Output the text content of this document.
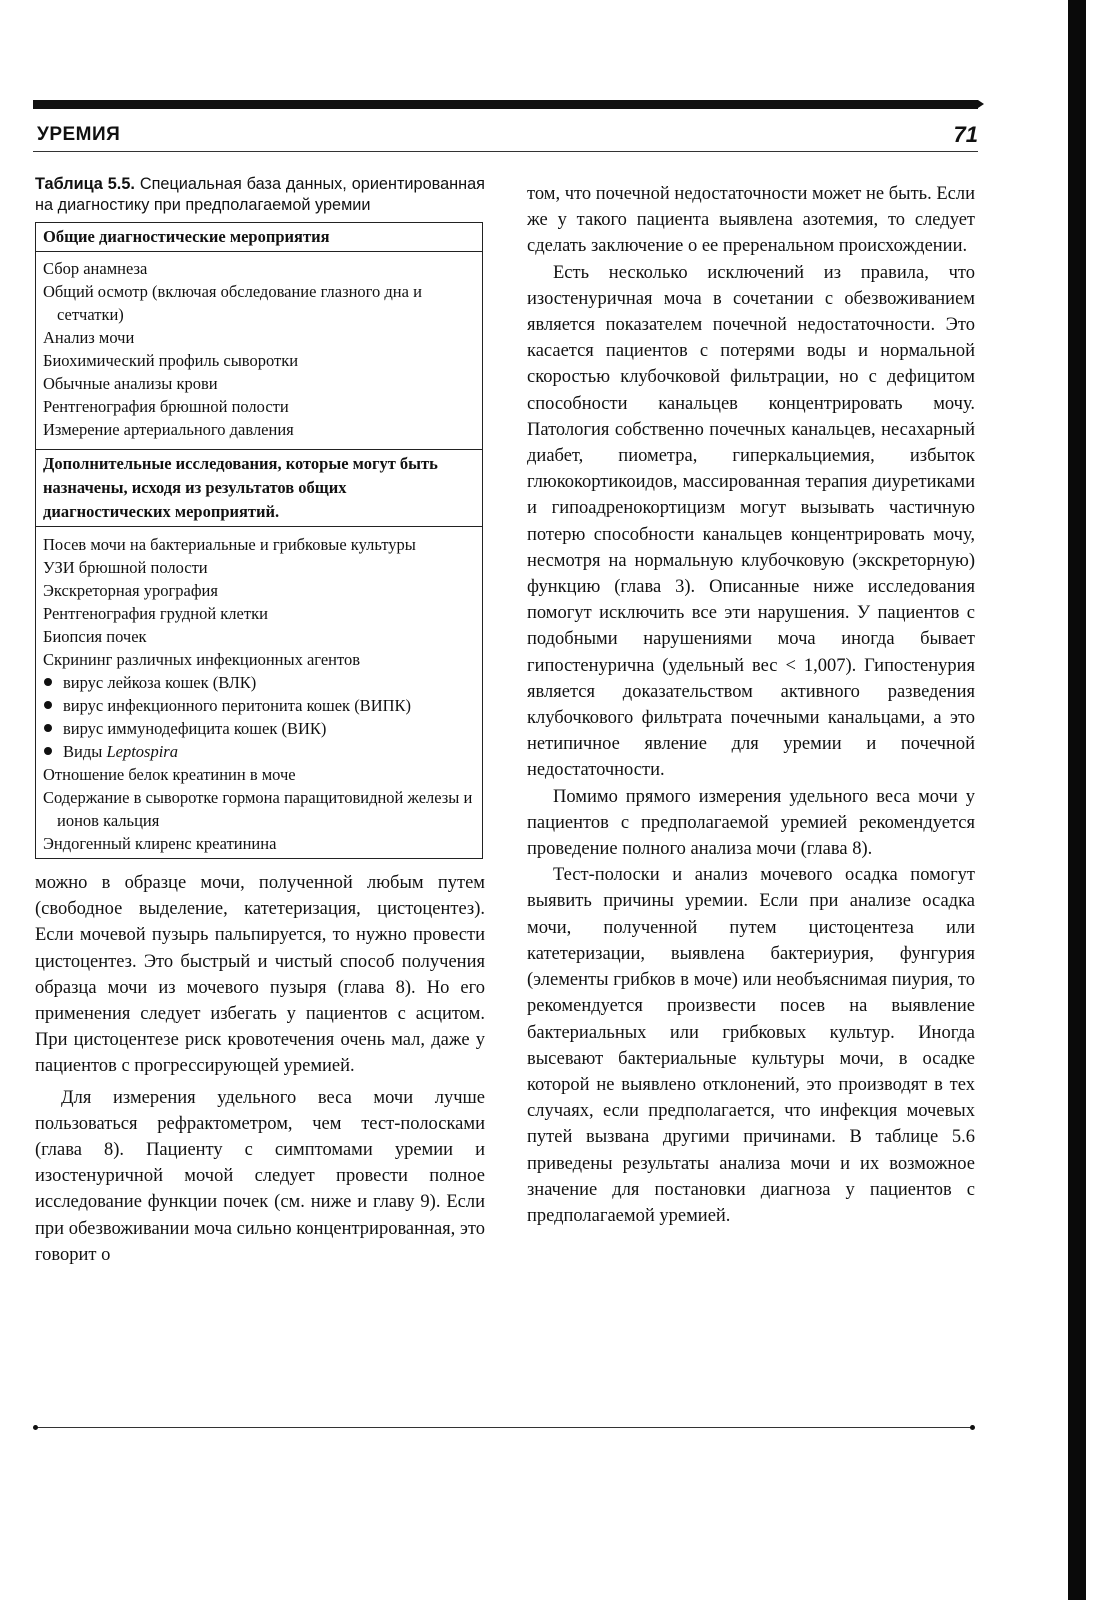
УРЕМИЯ	71

Таблица 5.5. Специальная база данных, ориентированная на диагностику при предполагаемой уремии

Общие диагностические мероприятия
Сбор анамнеза
Общий осмотр (включая обследование глазного дна и сетчатки)
Анализ мочи
Биохимический профиль сыворотки
Обычные анализы крови
Рентгенография брюшной полости
Измерение артериального давления
Дополнительные исследования, которые могут быть назначены, исходя из результатов общих диагностических мероприятий.
Посев мочи на бактериальные и грибковые культуры
УЗИ брюшной полости
Экскреторная урография
Рентгенография грудной клетки
Биопсия почек
Скрининг различных инфекционных агентов
вирус лейкоза кошек (ВЛК)
вирус инфекционного перитонита кошек (ВИПК)
вирус иммунодефицита кошек (ВИК)
Виды Leptospira
Отношение белок креатинин в моче
Содержание в сыворотке гормона паращитовидной железы и ионов кальция
Эндогенный клиренс креатинина

можно в образце мочи, полученной любым путем (свободное выделение, катетеризация, цистоцентез). Если мочевой пузырь пальпируется, то нужно провести цистоцентез. Это быстрый и чистый способ получения образца мочи из мочевого пузыря (глава 8). Но его применения следует избегать у пациентов с асцитом. При цистоцентезе риск кровотечения очень мал, даже у пациентов с прогрессирующей уремией.

Для измерения удельного веса мочи лучше пользоваться рефрактометром, чем тест-полосками (глава 8). Пациенту с симптомами уремии и изостенуричной мочой следует провести полное исследование функции почек (см. ниже и главу 9). Если при обезвоживании моча сильно концентрированная, это говорит о

том, что почечной недостаточности может не быть. Если же у такого пациента выявлена азотемия, то следует сделать заключение о ее преренальном происхождении.

Есть несколько исключений из правила, что изостенуричная моча в сочетании с обезвоживанием является показателем почечной недостаточности. Это касается пациентов с потерями воды и нормальной скоростью клубочковой фильтрации, но с дефицитом способности канальцев концентрировать мочу. Патология собственно почечных канальцев, несахарный диабет, пиометра, гиперкальциемия, избыток глюкокортикоидов, массированная терапия диуретиками и гипоадренокортицизм могут вызывать частичную потерю способности канальцев концентрировать мочу, несмотря на нормальную клубочковую (экскреторную) функцию (глава 3). Описанные ниже исследования помогут исключить все эти нарушения. У пациентов с подобными нарушениями моча иногда бывает гипостенурична (удельный вес < 1,007). Гипостенурия является доказательством активного разведения клубочкового фильтрата почечными канальцами, а это нетипичное явление для уремии и почечной недостаточности.

Помимо прямого измерения удельного веса мочи у пациентов с предполагаемой уремией рекомендуется проведение полного анализа мочи (глава 8).

Тест-полоски и анализ мочевого осадка помогут выявить причины уремии. Если при анализе осадка мочи, полученной путем цистоцентеза или катетеризации, выявлена бактериурия, фунгурия (элементы грибков в моче) или необъяснимая пиурия, то рекомендуется произвести посев на выявление бактериальных или грибковых культур. Иногда высевают бактериальные культуры мочи, в осадке которой не выявлено отклонений, это производят в тех случаях, если предполагается, что инфекция мочевых путей вызвана другими причинами. В таблице 5.6 приведены результаты анализа мочи и их возможное значение для постановки диагноза у пациентов с предполагаемой уремией.
